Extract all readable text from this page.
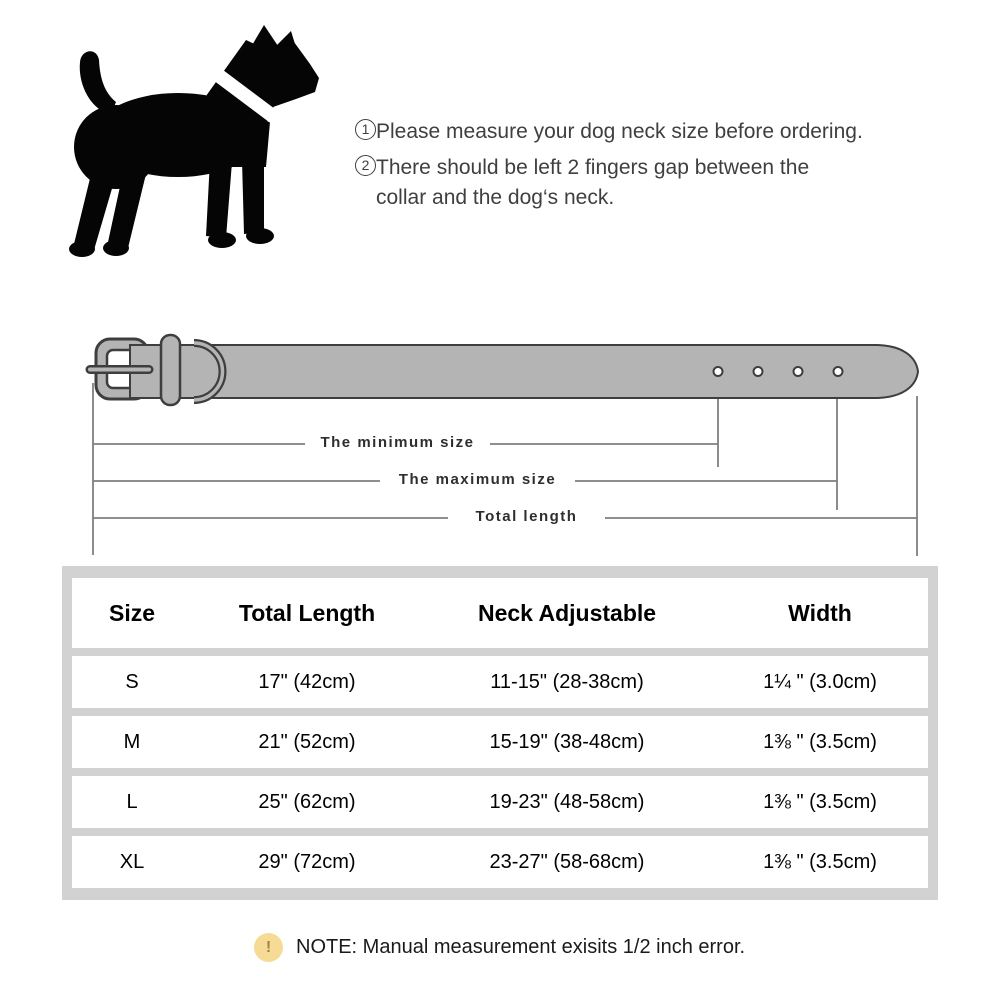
1 Please measure your dog neck size before ordering.
2 There should be left 2 fingers gap between the
collar and the dog‘s neck.
The minimum size
The maximum size
Total length
Size	Total Length	Neck Adjustable	Width
S	17" (42cm)	11-15" (28-38cm)	1¼ " (3.0cm)
M	21" (52cm)	15-19" (38-48cm)	1⅜ " (3.5cm)
L	25" (62cm)	19-23" (48-58cm)	1⅜ " (3.5cm)
XL	29" (72cm)	23-27" (58-68cm)	1⅜ " (3.5cm)
!	NOTE: Manual measurement exisits 1/2 inch error.
